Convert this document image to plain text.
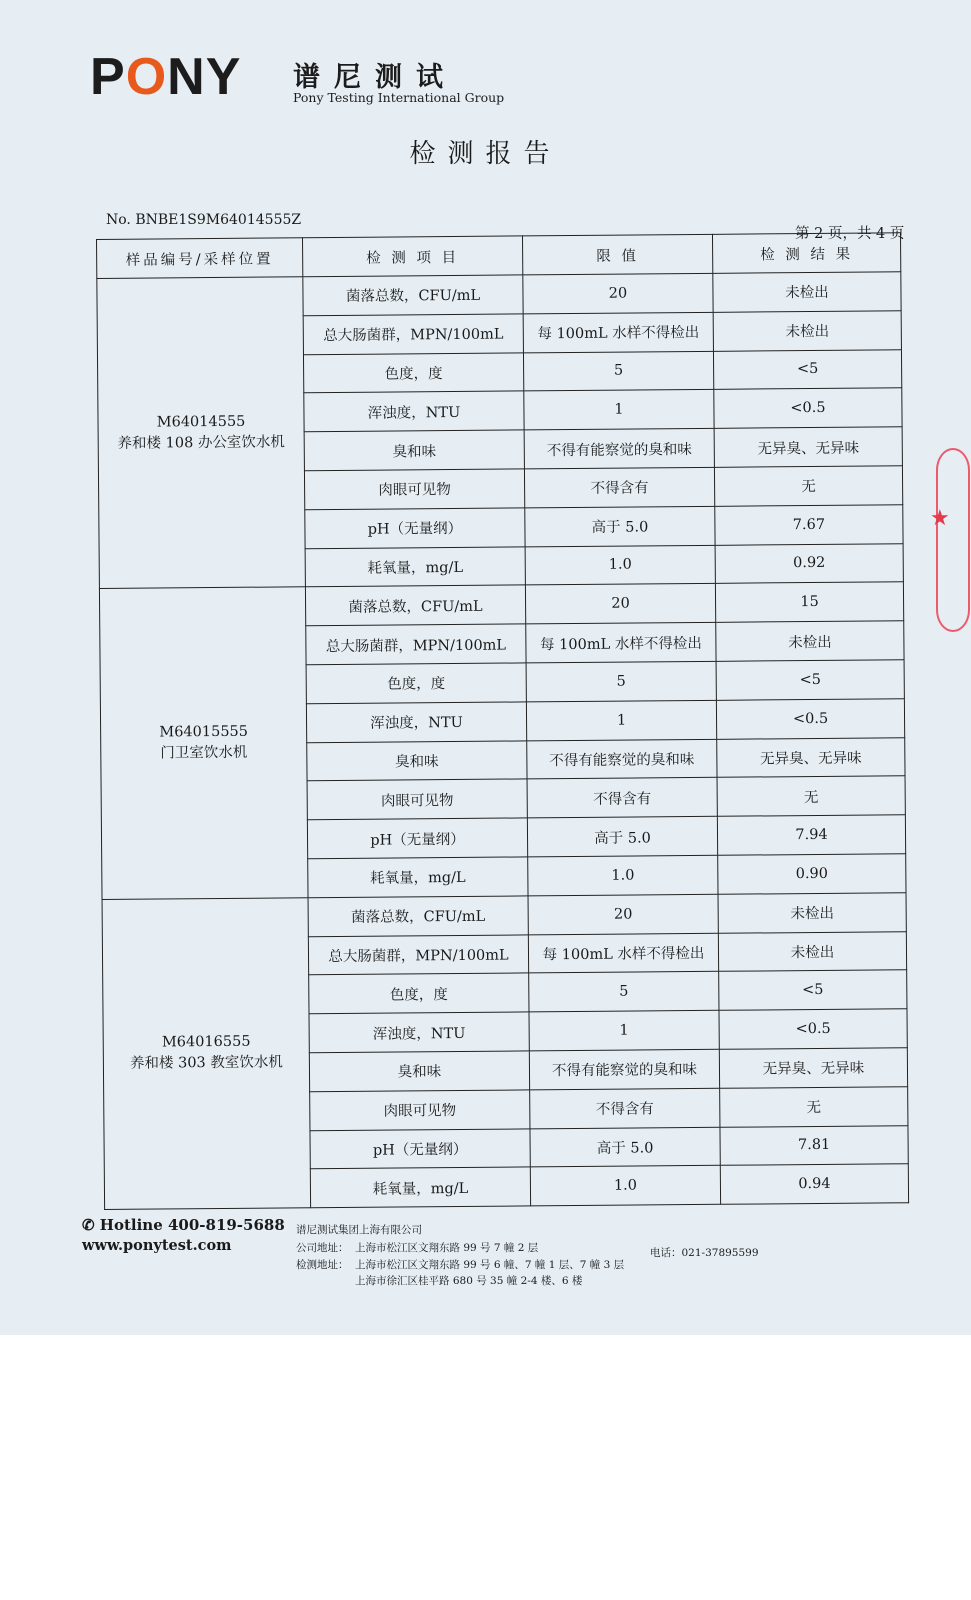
PONY 谱尼测试
Pony Testing International Group
检测报告
No. BNBE1S9M64014555Z
第 2 页，共 4 页
样品编号/采样位置	检 测 项 目	限 值	检 测 结 果

M64014555
养和楼 108 办公室饮水机	菌落总数，CFU/mL	20	未检出
	总大肠菌群，MPN/100mL	每 100mL 水样不得检出	未检出
	色度，度	5	<5
	浑浊度，NTU	1	<0.5
	臭和味	不得有能察觉的臭和味	无异臭、无异味
	肉眼可见物	不得含有	无
	pH（无量纲）	高于 5.0	7.67
	耗氧量，mg/L	1.0	0.92

M64015555
门卫室饮水机	菌落总数，CFU/mL	20	15
	总大肠菌群，MPN/100mL	每 100mL 水样不得检出	未检出
	色度，度	5	<5
	浑浊度，NTU	1	<0.5
	臭和味	不得有能察觉的臭和味	无异臭、无异味
	肉眼可见物	不得含有	无
	pH（无量纲）	高于 5.0	7.94
	耗氧量，mg/L	1.0	0.90

M64016555
养和楼 303 教室饮水机	菌落总数，CFU/mL	20	未检出
	总大肠菌群，MPN/100mL	每 100mL 水样不得检出	未检出
	色度，度	5	<5
	浑浊度，NTU	1	<0.5
	臭和味	不得有能察觉的臭和味	无异臭、无异味
	肉眼可见物	不得含有	无
	pH（无量纲）	高于 5.0	7.81
	耗氧量，mg/L	1.0	0.94
★
✆ Hotline 400-819-5688
www.ponytest.com
谱尼测试集团上海有限公司
公司地址： 上海市松江区文翔东路 99 号 7 幢 2 层
检测地址： 上海市松江区文翔东路 99 号 6 幢、7 幢 1 层、7 幢 3 层
上海市徐汇区桂平路 680 号 35 幢 2-4 楼、6 楼
电话：021-37895599
